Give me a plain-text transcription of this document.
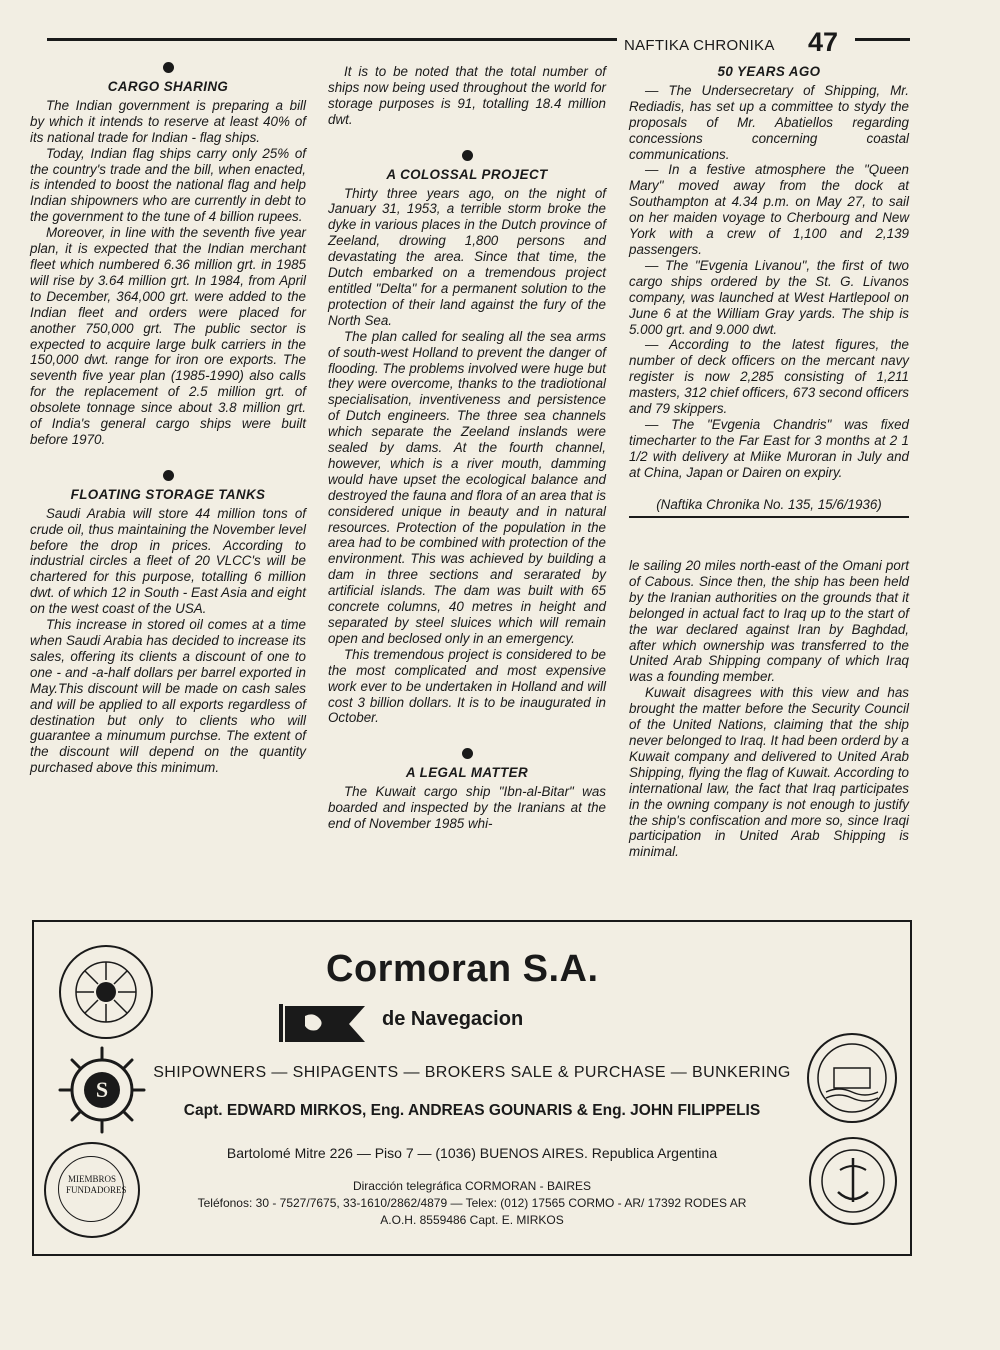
NAFTIKA CHRONIKA 47
CARGO SHARING

The Indian government is preparing a bill by which it intends to reserve at least 40% of its national trade for Indian - flag ships.

Today, Indian flag ships carry only 25% of the country's trade and the bill, when enacted, is intended to boost the national flag and help Indian shipowners who are currently in debt to the government to the tune of 4 billion rupees.

Moreover, in line with the seventh five year plan, it is expected that the Indian merchant fleet which numbered 6.36 million grt. in 1985 will rise by 3.64 million grt. In 1984, from April to December, 364,000 grt. were added to the Indian fleet and orders were placed for another 750,000 grt. The public sector is expected to acquire large bulk carriers in the 150,000 dwt. range for iron ore exports. The seventh five year plan (1985-1990) also calls for the replacement of 2.5 million grt. of obsolete tonnage since about 3.8 million grt. of India's general cargo ships were built before 1970.

FLOATING STORAGE TANKS

Saudi Arabia will store 44 million tons of crude oil, thus maintaining the November level before the drop in prices. According to industrial circles a fleet of 20 VLCC's will be chartered for this purpose, totalling 6 million dwt. of which 12 in South - East Asia and eight on the west coast of the USA.

This increase in stored oil comes at a time when Saudi Arabia has decided to increase its sales, offering its clients a discount of one to one - and -a-half dollars per barrel exported in May.This discount will be made on cash sales and will be applied to all exports regardless of destination but only to clients who will guarantee a minumum purchse. The extent of the discount will depend on the quantity purchased above this minimum.

It is to be noted that the total number of ships now being used throughout the world for storage purposes is 91, totalling 18.4 million dwt.

A COLOSSAL PROJECT

Thirty three years ago, on the night of January 31, 1953, a terrible storm broke the dyke in various places in the Dutch province of Zeeland, drowing 1,800 persons and devastating the area. Since that time, the Dutch embarked on a tremendous project entitled "Delta" for a permanent solution to the protection of their land against the fury of the North Sea.

The plan called for sealing all the sea arms of south-west Holland to prevent the danger of flooding. The problems involved were huge but they were overcome, thanks to the tradiotional specialisation, inventiveness and persistence of Dutch engineers. The three sea channels which separate the Zeeland inslands were sealed by dams. At the fourth channel, however, which is a river mouth, damming would have upset the ecological balance and destroyed the fauna and flora of an area that is considered unique in beauty and in natural resources. Protection of the population in the area had to be combined with protection of the environment. This was achieved by building a dam in three sections and serarated by artificial islands. The dam was built with 65 concrete columns, 40 metres in height and separated by steel sluices which will remain open and beclosed only in an emergency.

This tremendous project is considered to be the most complicated and most expensive work ever to be undertaken in Holland and will cost 3 billion dollars. It is to be inaugurated in October.

A LEGAL MATTER

The Kuwait cargo ship "Ibn-al-Bitar" was boarded and inspected by the Iranians at the end of November 1985 whi-

50 YEARS AGO

— The Undersecretary of Shipping, Mr. Rediadis, has set up a committee to stydy the proposals of Mr. Abatiellos regarding concessions concerning coastal communications.

— In a festive atmosphere the "Queen Mary" moved away from the dock at Southampton at 4.34 p.m. on May 27, to sail on her maiden voyage to Cherbourg and New York with a crew of 1,100 and 2,139 passengers.

— The "Evgenia Livanou", the first of two cargo ships ordered by the St. G. Livanos company, was launched at West Hartlepool on June 6 at the William Gray yards. The ship is 5.000 grt. and 9.000 dwt.

— According to the latest figures, the number of deck officers on the mercant navy register is now 2,285 consisting of 1,211 masters, 312 chief officers, 673 second officers and 79 skippers.

— The "Evgenia Chandris" was fixed timecharter to the Far East for 3 months at 2 1 1/2 with delivery at Miike Muroran in July and at China, Japan or Dairen on expiry.

(Naftika Chronika No. 135, 15/6/1936)

le sailing 20 miles north-east of the Omani port of Cabous. Since then, the ship has been held by the Iranian authorities on the grounds that it belonged in actual fact to Iraq up to the start of the war declared against Iran by Baghdad, after which ownership was transferred to the United Arab Shipping company of which Iraq was a founding member.

Kuwait disagrees with this view and has brought the matter before the Security Council of the United Nations, claiming that the ship never belonged to Iraq. It had been orderd by a Kuwait company and delivered to United Arab Shipping, flying the flag of Kuwait. According to international law, the fact that Iraq participates in the owning company is not enough to justify the ship's confiscation and more so, since Iraqi participation in United Arab Shipping is minimal.

Cormoran S.A.
de Navegacion
S
MIEMBROS FUNDADORES
SHIPOWNERS — SHIPAGENTS — BROKERS SALE & PURCHASE — BUNKERING
Capt. EDWARD MIRKOS, Eng. ANDREAS GOUNARIS & Eng. JOHN FILIPPELIS
Bartolomé Mitre 226 — Piso 7 — (1036) BUENOS AIRES. Republica Argentina
Diracción telegráfica CORMORAN - BAIRES
Teléfonos: 30 - 7527/7675, 33-1610/2862/4879 — Telex: (012) 17565 CORMO - AR/ 17392 RODES AR
A.O.H. 8559486 Capt. E. MIRKOS
